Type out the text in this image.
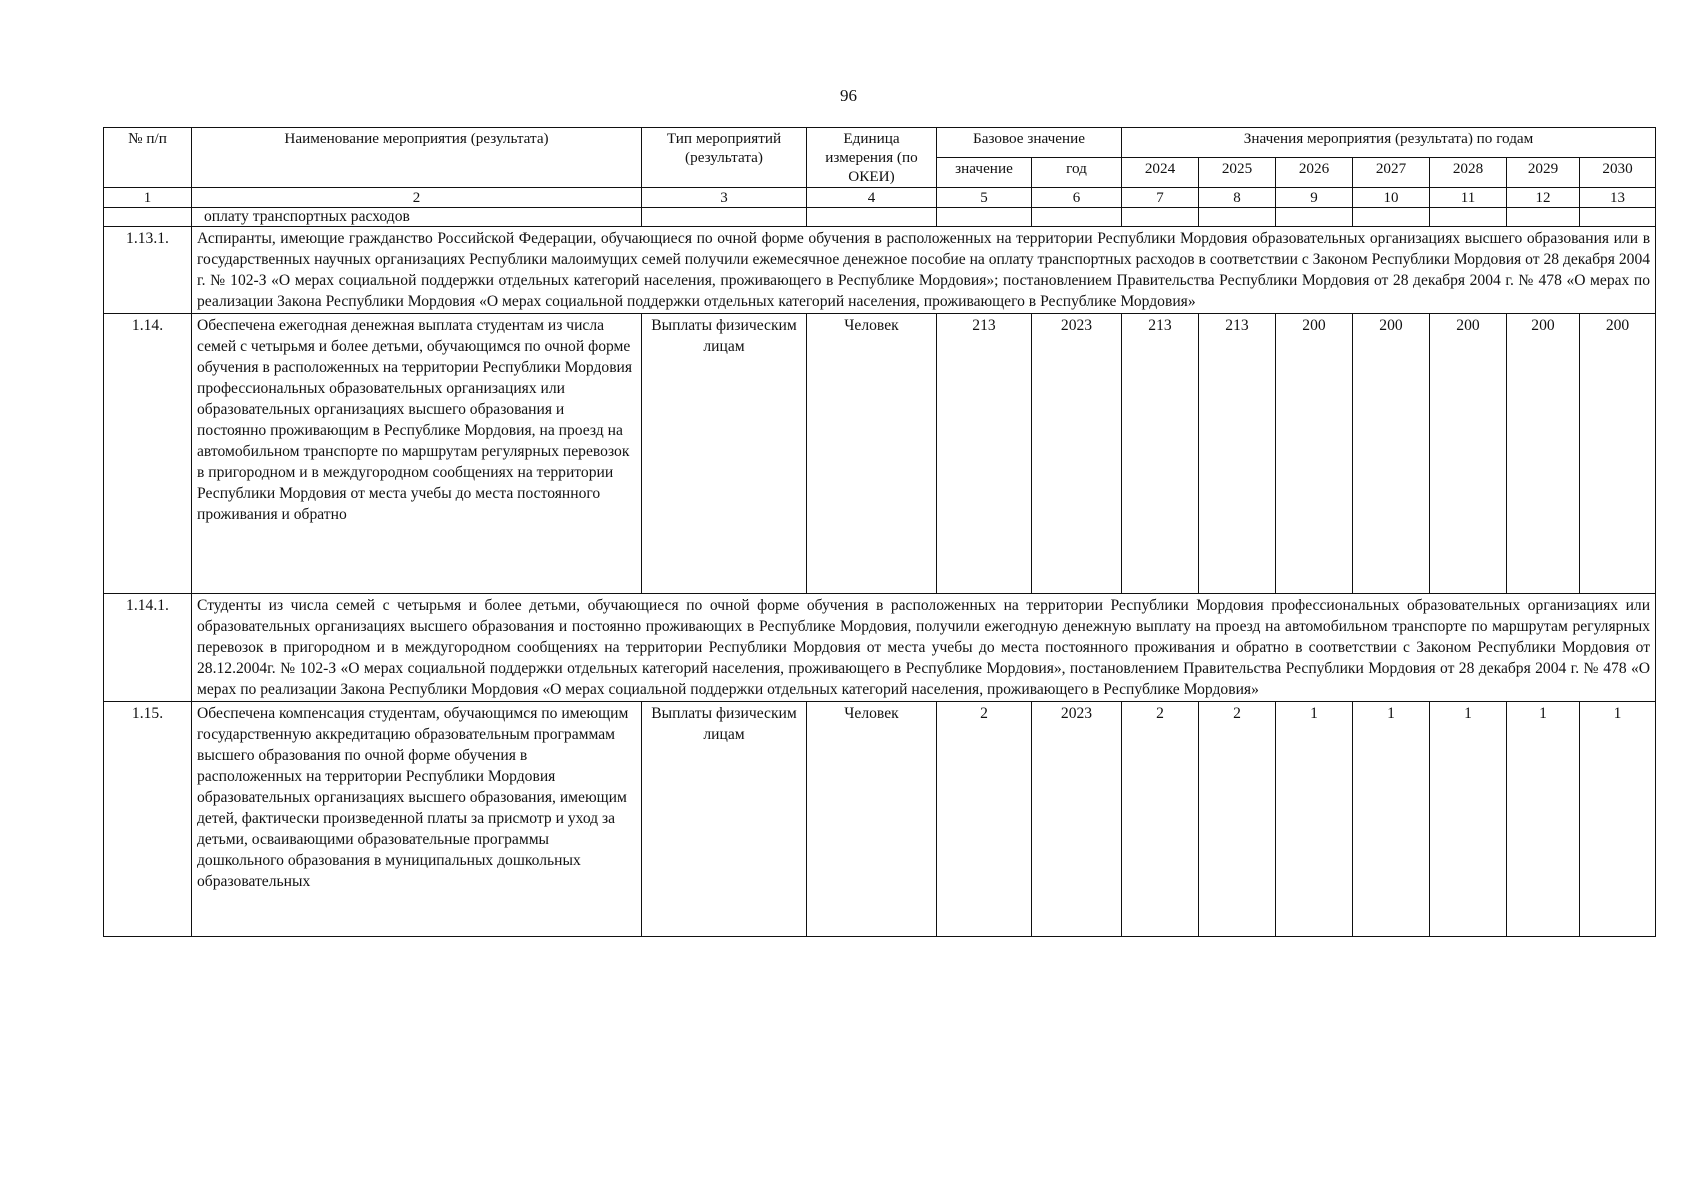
96
№ п/п	Наименование мероприятия (результата)	Тип мероприятий (результата)	Единица измерения (по ОКЕИ)	Базовое значение		Значения мероприятия (результата) по годам						
				значение	год	2024	2025	2026	2027	2028	2029	2030
1	2	3	4	5	6	7	8	9	10	11	12	13
	оплату транспортных расходов											
1.13.1.	Аспиранты, имеющие гражданство Российской Федерации, обучающиеся по очной форме обучения в расположенных на территории Республики Мордовия образовательных организациях высшего образования или в государственных научных организациях Республики малоимущих семей получили ежемесячное денежное пособие на оплату транспортных расходов в соответствии с Законом Республики Мордовия от 28 декабря 2004 г. № 102-З «О мерах социальной поддержки отдельных категорий населения, проживающего в Республике Мордовия»; постановлением Правительства Республики Мордовия от 28 декабря 2004 г. № 478 «О мерах по реализации Закона Республики Мордовия «О мерах социальной поддержки отдельных категорий населения, проживающего в Республике Мордовия»											
1.14.	Обеспечена ежегодная денежная выплата студентам из числа семей с четырьмя и более детьми, обучающимся по очной форме обучения в расположенных на территории Республики Мордовия профессиональных образовательных организациях или образовательных организациях высшего образования и постоянно проживающим в Республике Мордовия, на проезд на автомобильном транспорте по маршрутам регулярных перевозок в пригородном и в междугородном сообщениях на территории Республики Мордовия от места учебы до места постоянного проживания и обратно	Выплаты физическим лицам	Человек	213	2023	213	213	200	200	200	200	200
1.14.1.	Студенты из числа семей с четырьмя и более детьми, обучающиеся по очной форме обучения в расположенных на территории Республики Мордовия профессиональных образовательных организациях или образовательных организациях высшего образования и постоянно проживающих в Республике Мордовия, получили ежегодную денежную выплату на проезд на автомобильном транспорте по маршрутам регулярных перевозок в пригородном и в междугородном сообщениях на территории Республики Мордовия от места учебы до места постоянного проживания и обратно в соответствии с Законом Республики Мордовия от 28.12.2004г. № 102-З «О мерах социальной поддержки отдельных категорий населения, проживающего в Республике Мордовия», постановлением Правительства Республики Мордовия от 28 декабря 2004 г. № 478 «О мерах по реализации Закона Республики Мордовия «О мерах социальной поддержки отдельных категорий населения, проживающего в Республике Мордовия»											
1.15.	Обеспечена компенсация студентам, обучающимся по имеющим государственную аккредитацию образовательным программам высшего образования по очной форме обучения в расположенных на территории Республики Мордовия образовательных организациях высшего образования, имеющим детей, фактически произведенной платы за присмотр и уход за детьми, осваивающими образовательные программы дошкольного образования в муниципальных дошкольных образовательных	Выплаты физическим лицам	Человек	2	2023	2	2	1	1	1	1	1
